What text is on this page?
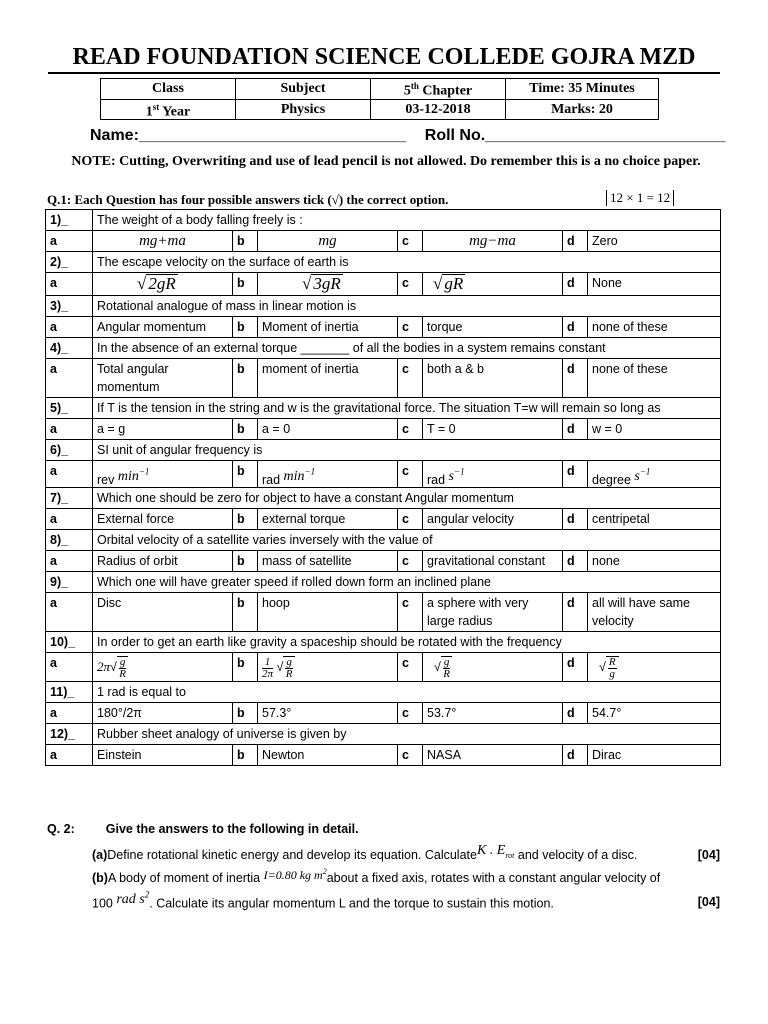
READ FOUNDATION SCIENCE COLLEDE GOJRA MZD
Class	Subject	5th Chapter	Time: 35 Minutes
1st Year	Physics	03-12-2018	Marks: 20
Name:______________________________ Roll No.___________________________
NOTE: Cutting, Overwriting and use of lead pencil is not allowed. Do remember this is a no choice paper.
Q.1: Each Question has four possible answers tick (√) the correct option.	12 × 1 = 12
1)_	The weight of a body falling freely is :						
a	mg+ma	b	mg	c	mg−ma	d	Zero
2)_	The escape velocity on the surface of earth is						
a	√ 2gR	b	√ 3gR	c	√ gR	d	None
3)_	Rotational analogue of mass in linear motion is						
a	Angular momentum	b	Moment of inertia	c	torque	d	none of these
4)_	In the absence of an external torque _______ of all the bodies in a system remains constant						
a	Total angular momentum	b	moment of inertia	c	both a & b	d	none of these
5)_	If T is the tension in the string and w is the gravitational force. The situation T=w will remain so long as						
a	a = g	b	a = 0	c	T = 0	d	w = 0
6)_	SI unit of angular frequency is						
a	rev $\min^{-1}$	b	rad $\min^{-1}$	c	rad $s^{-1}$	d	degree $s^{-1}$
7)_	Which one should be zero for object to have a constant Angular momentum						
a	External force	b	external torque	c	angular velocity	d	centripetal
8)_	Orbital velocity of a satellite varies inversely with the value of						
a	Radius of orbit	b	mass of satellite	c	gravitational constant	d	none
9)_	Which one will have greater speed if rolled down form an inclined plane						
a	Disc	b	hoop	c	a sphere with very large radius	d	all will have same velocity
10)_	In order to get an earth like gravity a spaceship should be rotated with the frequency						
a	$2\pi√ \frac{g}{R}$	b	$\frac{1}{2\pi}$ √ $\frac{g}{R}$	c	√ $\frac{g}{R}$	d	√ $\frac{R}{g}$

11)_	1 rad is equal to						
a	180°/2π	b	57.3°	c	53.7°	d	54.7°
12)_	Rubber sheet analogy of universe is given by						
a	Einstein	b	Newton	c	NASA	d	Dirac
Q. 2: Give the answers to the following in detail.
(a)Define rotational kinetic energy and develop its equation. CalculateK . $E_{rot}$ and velocity of a disc.	[04]
(b)A body of moment of inertia I=0.80 kg $m^2about$ a fixed axis, rotates with a constant angular velocity of
100 rad $s^2$. Calculate its angular momentum L and the torque to sustain this motion.	[04]
